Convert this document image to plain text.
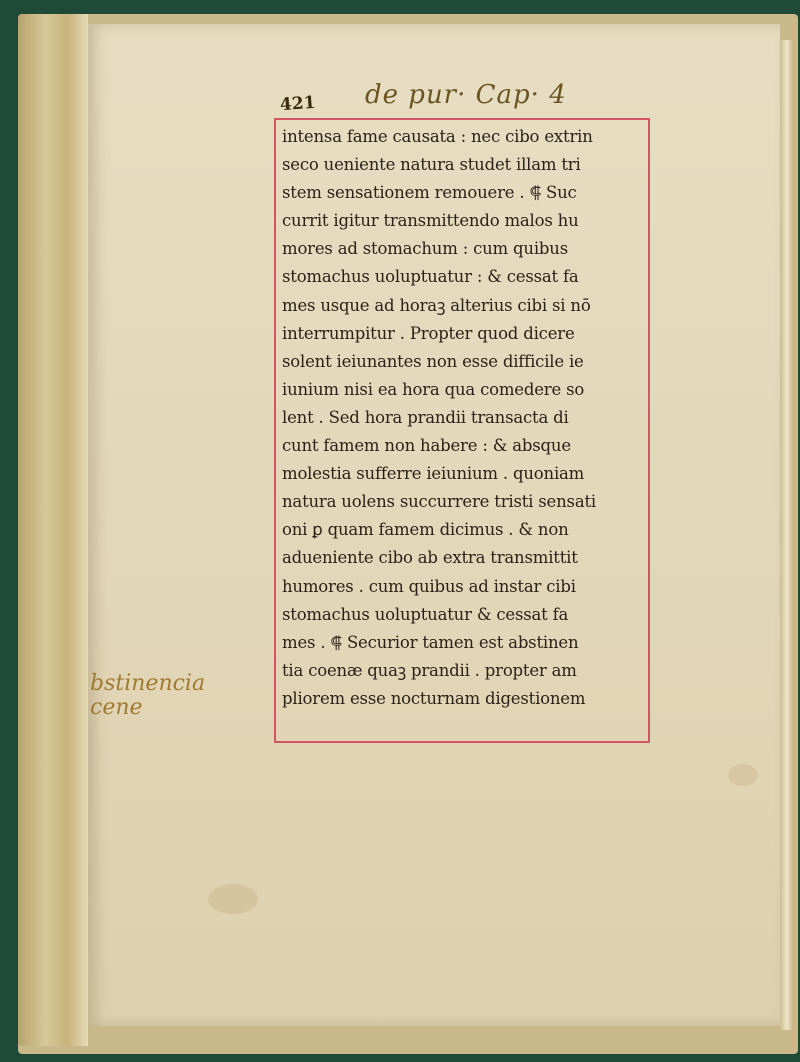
de pur· Cap· 4
421
intensa fame causata : nec cibo extrin
seco ueniente natura studet illam tri
stem sensationem remouere . ⸿ Suc
currit igitur transmittendo malos hu
mores ad stomachum : cum quibus
stomachus uoluptuatur : & cessat fa
mes usque ad horaꝫ alterius cibi si nō
interrumpitur . Propter quod dicere
solent ieiunantes non esse difficile ie
iunium nisi ea hora qua comedere so
lent . Sed hora prandii transacta di
cunt famem non habere : & absque
molestia sufferre ieiunium . quoniam
natura uolens succurrere tristi sensati
oni ꝑ quam famem dicimus . & non
adueniente cibo ab extra transmittit
humores . cum quibus ad instar cibi
stomachus uoluptuatur & cessat fa
mes . ⸿ Securior tamen est abstinen
tia coenæ quaꝫ prandii . propter am
pliorem esse nocturnam digestionem
bstinencia
cene
